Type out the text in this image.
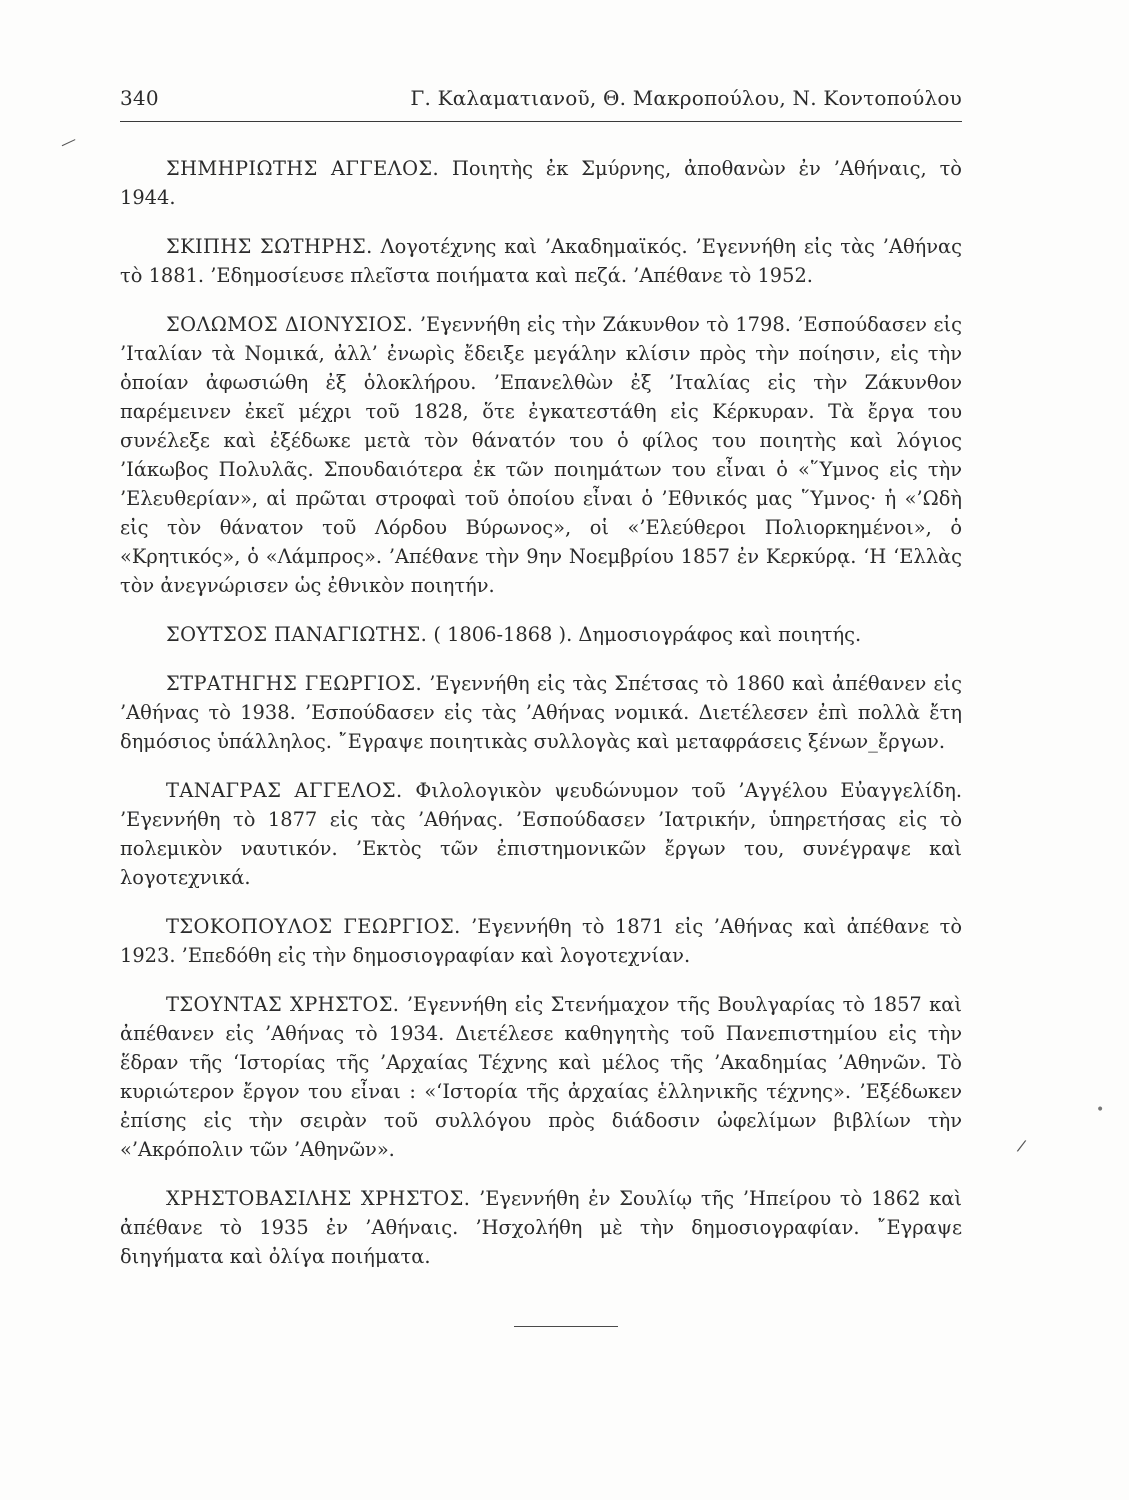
340	Γ. Καλαματιανοῦ, Θ. Μακροπούλου, Ν. Κοντοπούλου
—

ΣΗΜΗΡΙΩΤΗΣ ΑΓΓΕΛΟΣ. Ποιητὴς ἐκ Σμύρνης, ἀποθανὼν ἐν ’Αθήναις, τὸ 1944.

ΣΚΙΠΗΣ ΣΩΤΗΡΗΣ. Λογοτέχνης καὶ ’Ακαδημαϊκός. ’Εγεννήθη εἰς τὰς ’Αθήνας τὸ 1881. ’Εδημοσίευσε πλεῖστα ποιήματα καὶ πεζά. ’Απέθανε τὸ 1952.

ΣΟΛΩΜΟΣ ΔΙΟΝΥΣΙΟΣ. ’Εγεννήθη εἰς τὴν Ζάκυνθον τὸ 1798. ’Εσπούδασεν εἰς ’Ιταλίαν τὰ Νομικά, ἀλλ’ ἐνωρὶς ἔδειξε μεγάλην κλίσιν πρὸς τὴν ποίησιν, εἰς τὴν ὁποίαν ἀφωσιώθη ἐξ ὁλοκλήρου. ’Επανελθὼν ἐξ ’Ιταλίας εἰς τὴν Ζάκυνθον παρέμεινεν ἐκεῖ μέχρι τοῦ 1828, ὅτε ἐγκατεστάθη εἰς Κέρκυραν. Τὰ ἔργα του συνέλεξε καὶ ἐξέδωκε μετὰ τὸν θάνατόν του ὁ φίλος του ποιητὴς καὶ λόγιος ’Ιάκωβος Πολυλᾶς. Σπουδαιότερα ἐκ τῶν ποιημάτων του εἶναι ὁ «῞Υμνος εἰς τὴν ’Ελευθερίαν», αἱ πρῶται στροφαὶ τοῦ ὁποίου εἶναι ὁ ’Εθνικός μας ῞Υμνος· ἡ «’Ωδὴ εἰς τὸν θάνατον τοῦ Λόρδου Βύρωνος», οἱ «’Ελεύθεροι Πολιορκημένοι», ὁ «Κρητικός», ὁ «Λάμπρος». ’Απέθανε τὴν 9ην Νοεμβρίου 1857 ἐν Κερκύρᾳ. ‘Η ‘Ελλὰς τὸν ἀνεγνώρισεν ὡς ἐθνικὸν ποιητήν.

ΣΟΥΤΣΟΣ ΠΑΝΑΓΙΩΤΗΣ. ( 1806-1868 ). Δημοσιογράφος καὶ ποιητής.

ΣΤΡΑΤΗΓΗΣ ΓΕΩΡΓΙΟΣ. ’Εγεννήθη εἰς τὰς Σπέτσας τὸ 1860 καὶ ἀπέθανεν εἰς ’Αθήνας τὸ 1938. ’Εσπούδασεν εἰς τὰς ’Αθήνας νομικά. Διετέλεσεν ἐπὶ πολλὰ ἔτη δημόσιος ὑπάλληλος. ῎Εγραψε ποιητικὰς συλλογὰς καὶ μεταφράσεις ξένων_ἔργων.

ΤΑΝΑΓΡΑΣ ΑΓΓΕΛΟΣ. Φιλολογικὸν ψευδώνυμον τοῦ ’Αγγέλου Εὐαγγελίδη. ’Εγεννήθη τὸ 1877 εἰς τὰς ’Αθήνας. ’Εσπούδασεν ’Ιατρικήν, ὑπηρετήσας εἰς τὸ πολεμικὸν ναυτικόν. ’Εκτὸς τῶν ἐπιστημονικῶν ἔργων του, συνέγραψε καὶ λογοτεχνικά.

ΤΣΟΚΟΠΟΥΛΟΣ ΓΕΩΡΓΙΟΣ. ’Εγεννήθη τὸ 1871 εἰς ’Αθήνας καὶ ἀπέθανε τὸ 1923. ’Επεδόθη εἰς τὴν δημοσιογραφίαν καὶ λογοτεχνίαν.

ΤΣΟΥΝΤΑΣ ΧΡΗΣΤΟΣ. ’Εγεννήθη εἰς Στενήμαχον τῆς Βουλγαρίας τὸ 1857 καὶ ἀπέθανεν εἰς ’Αθήνας τὸ 1934. Διετέλεσε καθηγητὴς τοῦ Πανεπιστημίου εἰς τὴν ἕδραν τῆς ‘Ιστορίας τῆς ’Αρχαίας Τέχνης καὶ μέλος τῆς ’Ακαδημίας ’Αθηνῶν. Τὸ κυριώτερον ἔργον του εἶναι : «‘Ιστορία τῆς ἀρχαίας ἑλληνικῆς τέχνης». ’Εξέδωκεν ἐπίσης εἰς τὴν σειρὰν τοῦ συλλόγου πρὸς διάδοσιν ὠφελίμων βιβλίων τὴν «’Ακρόπολιν τῶν ’Αθηνῶν».

ΧΡΗΣΤΟΒΑΣΙΛΗΣ ΧΡΗΣΤΟΣ. ’Εγεννήθη ἐν Σουλίῳ τῆς ’Ηπείρου τὸ 1862 καὶ ἀπέθανε τὸ 1935 ἐν ’Αθήναις. ’Ησχολήθη μὲ τὴν δημοσιογραφίαν. ῎Εγραψε διηγήματα καὶ ὀλίγα ποιήματα.

•
/
